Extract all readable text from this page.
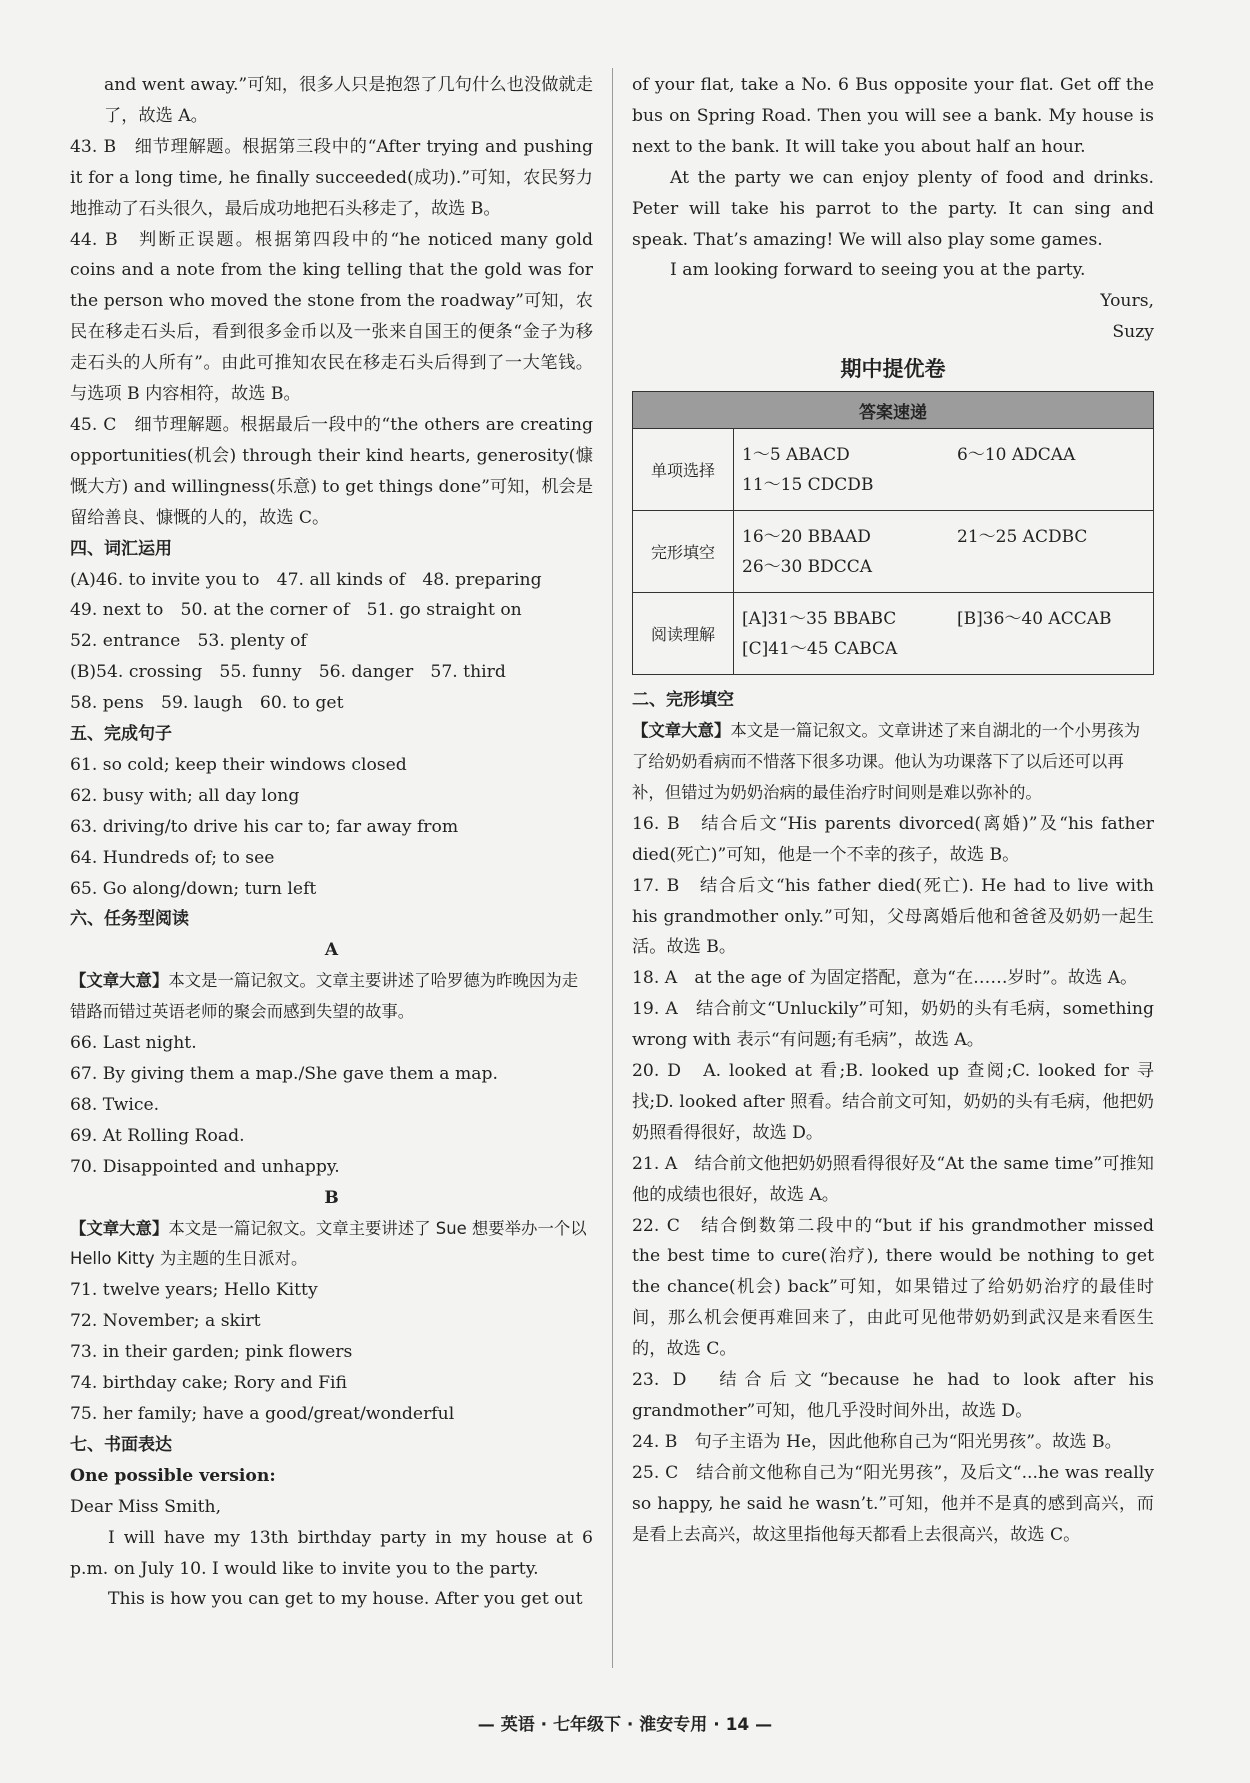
and went away.”可知，很多人只是抱怨了几句什么也没做就走了，故选 A。

43. B　细节理解题。根据第三段中的“After trying and pushing it for a long time, he finally succeeded(成功).”可知，农民努力地推动了石头很久，最后成功地把石头移走了，故选 B。

44. B　判断正误题。根据第四段中的“he noticed many gold coins and a note from the king telling that the gold was for the person who moved the stone from the roadway”可知，农民在移走石头后，看到很多金币以及一张来自国王的便条“金子为移走石头的人所有”。由此可推知农民在移走石头后得到了一大笔钱。与选项 B 内容相符，故选 B。

45. C　细节理解题。根据最后一段中的“the others are creating opportunities(机会) through their kind hearts, generosity(慷慨大方) and willingness(乐意) to get things done”可知，机会是留给善良、慷慨的人的，故选 C。

四、词汇运用

(A)46. to invite you to　47. all kinds of　48. preparing

49. next to　50. at the corner of　51. go straight on

52. entrance　53. plenty of

(B)54. crossing　55. funny　56. danger　57. third

58. pens　59. laugh　60. to get

五、完成句子

61. so cold; keep their windows closed

62. busy with; all day long

63. driving/to drive his car to; far away from

64. Hundreds of; to see

65. Go along/down; turn left

六、任务型阅读

A

【文章大意】本文是一篇记叙文。文章主要讲述了哈罗德为昨晚因为走错路而错过英语老师的聚会而感到失望的故事。

66. Last night.

67. By giving them a map./She gave them a map.

68. Twice.

69. At Rolling Road.

70. Disappointed and unhappy.

B

【文章大意】本文是一篇记叙文。文章主要讲述了 Sue 想要举办一个以 Hello Kitty 为主题的生日派对。

71. twelve years; Hello Kitty

72. November; a skirt

73. in their garden; pink flowers

74. birthday cake; Rory and Fifi

75. her family; have a good/great/wonderful

七、书面表达

One possible version:

Dear Miss Smith,

I will have my 13th birthday party in my house at 6 p.m. on July 10. I would like to invite you to the party.

This is how you can get to my house. After you get out

of your flat, take a No. 6 Bus opposite your flat. Get off the bus on Spring Road. Then you will see a bank. My house is next to the bank. It will take you about half an hour.

At the party we can enjoy plenty of food and drinks. Peter will take his parrot to the party. It can sing and speak. That’s amazing! We will also play some games.

I am looking forward to seeing you at the party.

Yours,

Suzy

期中提优卷
答案速递	
单项选择	1～5 ABACD 6～10 ADCAA
11～15 CDCDB

完形填空	16～20 BBAAD 21～25 ACDBC
26～30 BDCCA

阅读理解	[A]31～35 BBABC [B]36～40 ACCAB
[C]41～45 CABCA

二、完形填空

【文章大意】本文是一篇记叙文。文章讲述了来自湖北的一个小男孩为了给奶奶看病而不惜落下很多功课。他认为功课落下了以后还可以再补，但错过为奶奶治病的最佳治疗时间则是难以弥补的。

16. B　结合后文“His parents divorced(离婚)”及“his father died(死亡)”可知，他是一个不幸的孩子，故选 B。

17. B　结合后文“his father died(死亡). He had to live with his grandmother only.”可知，父母离婚后他和爸爸及奶奶一起生活。故选 B。

18. A　at the age of 为固定搭配，意为“在……岁时”。故选 A。

19. A　结合前文“Unluckily”可知，奶奶的头有毛病，something wrong with 表示“有问题;有毛病”，故选 A。

20. D　A. looked at 看;B. looked up 查阅;C. looked for 寻找;D. looked after 照看。结合前文可知，奶奶的头有毛病，他把奶奶照看得很好，故选 D。

21. A　结合前文他把奶奶照看得很好及“At the same time”可推知他的成绩也很好，故选 A。

22. C　结合倒数第二段中的“but if his grandmother missed the best time to cure(治疗), there would be nothing to get the chance(机会) back”可知，如果错过了给奶奶治疗的最佳时间，那么机会便再难回来了，由此可见他带奶奶到武汉是来看医生的，故选 C。

23. D　结合后文“because he had to look after his grandmother”可知，他几乎没时间外出，故选 D。

24. B　句子主语为 He，因此他称自己为“阳光男孩”。故选 B。

25. C　结合前文他称自己为“阳光男孩”，及后文“...he was really so happy, he said he wasn’t.”可知，他并不是真的感到高兴，而是看上去高兴，故这里指他每天都看上去很高兴，故选 C。

— 英语 · 七年级下 · 淮安专用 · 14 —
